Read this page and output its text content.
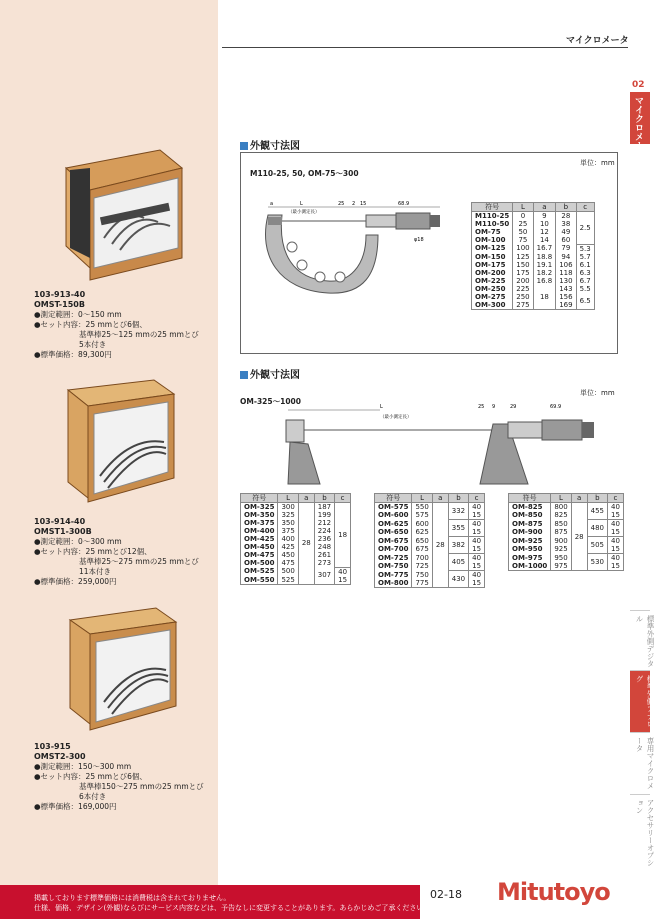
マイクロメータ
02
マイクロメータ
標準外側デジタル
標準外側アナログ
専用マイクロメータ
アクセサリーオプション
103-913-40
OMST-150B
●測定範囲：0～150 mm
●セット内容：25 mmとび6個、
　　　　　　基準棒25～125 mmの25 mmとび
　　　　　　5本付き
●標準価格：89,300円
103-914-40
OMST1-300B
●測定範囲：0～300 mm
●セット内容：25 mmとび12個、
　　　　　　基準棒25～275 mmの25 mmとび
　　　　　　11本付き
●標準価格：259,000円
103-915
OMST2-300
●測定範囲：150～300 mm
●セット内容：25 mmとび6個、
　　　　　　基準棒150～275 mmの25 mmとび
　　　　　　6本付き
●標準価格：169,000円
外観寸法図
単位：mm
M110-25, 50, OM-75～300
a	L
（最小測定長）
25 2 15	68.9
φ18
符号	L	a	b	c
M110-25	0	9	28	2.5
M110-50	25	10	38	
OM-75	50	12	49	
OM-100	75	14	60	
OM-125	100	16.7	79	5.3
OM-150	125	18.8	94	5.7
OM-175	150	19.1	106	6.1
OM-200	175	18.2	118	6.3
OM-225	200	16.8	130	6.7
OM-250	225		143	5.5
OM-275	250	18	156	6.5
OM-300	275		169	
外観寸法図
単位：mm
OM-325～1000
L
（最小測定長）
25 9	29	69.9
符号	L	a	b	c
OM-325	300	28	187	18
OM-350	325		199	
OM-375	350		212	
OM-400	375		224	
OM-425	400		236	
OM-450	425		248	
OM-475	450		261	
OM-500	475		273	
OM-525	500		307	40
OM-550	525			15
符号	L	a	b	c
OM-575	550	28	332	40
OM-600	575			15
OM-625	600		355	40
OM-650	625			15
OM-675	650		382	40
OM-700	675			15
OM-725	700		405	40
OM-750	725			15
OM-775	750		430	40
OM-800	775			15
符号	L	a	b	c
OM-825	800	28	455	40
OM-850	825			15
OM-875	850		480	40
OM-900	875			15
OM-925	900		505	40
OM-950	925			15
OM-975	950		530	40
OM-1000	975			15
掲載しております標準価格には消費税は含まれておりません。
仕様、価格、デザイン(外観)ならびにサービス内容などは、予告なしに変更することがあります。あらかじめご了承ください。
02-18 Mitutoyo
